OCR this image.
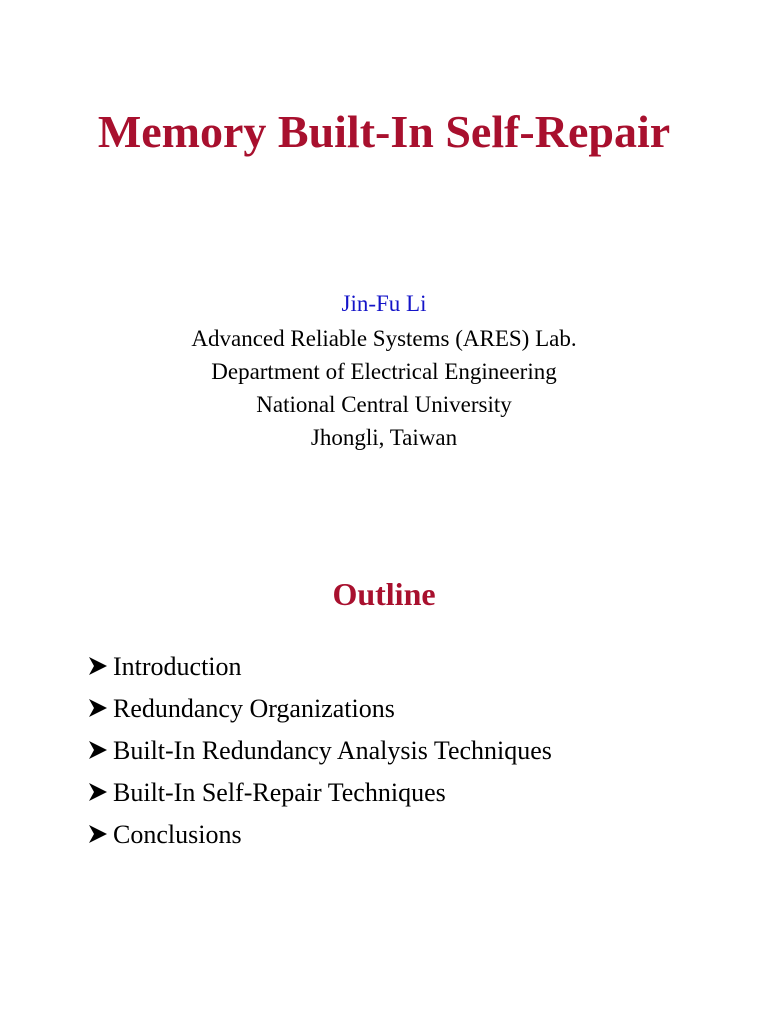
Memory Built-In Self-Repair
Jin-Fu Li
Advanced Reliable Systems (ARES) Lab.
Department of Electrical Engineering
National Central University
Jhongli, Taiwan
Outline
Introduction
Redundancy Organizations
Built-In Redundancy Analysis Techniques
Built-In Self-Repair Techniques
Conclusions
